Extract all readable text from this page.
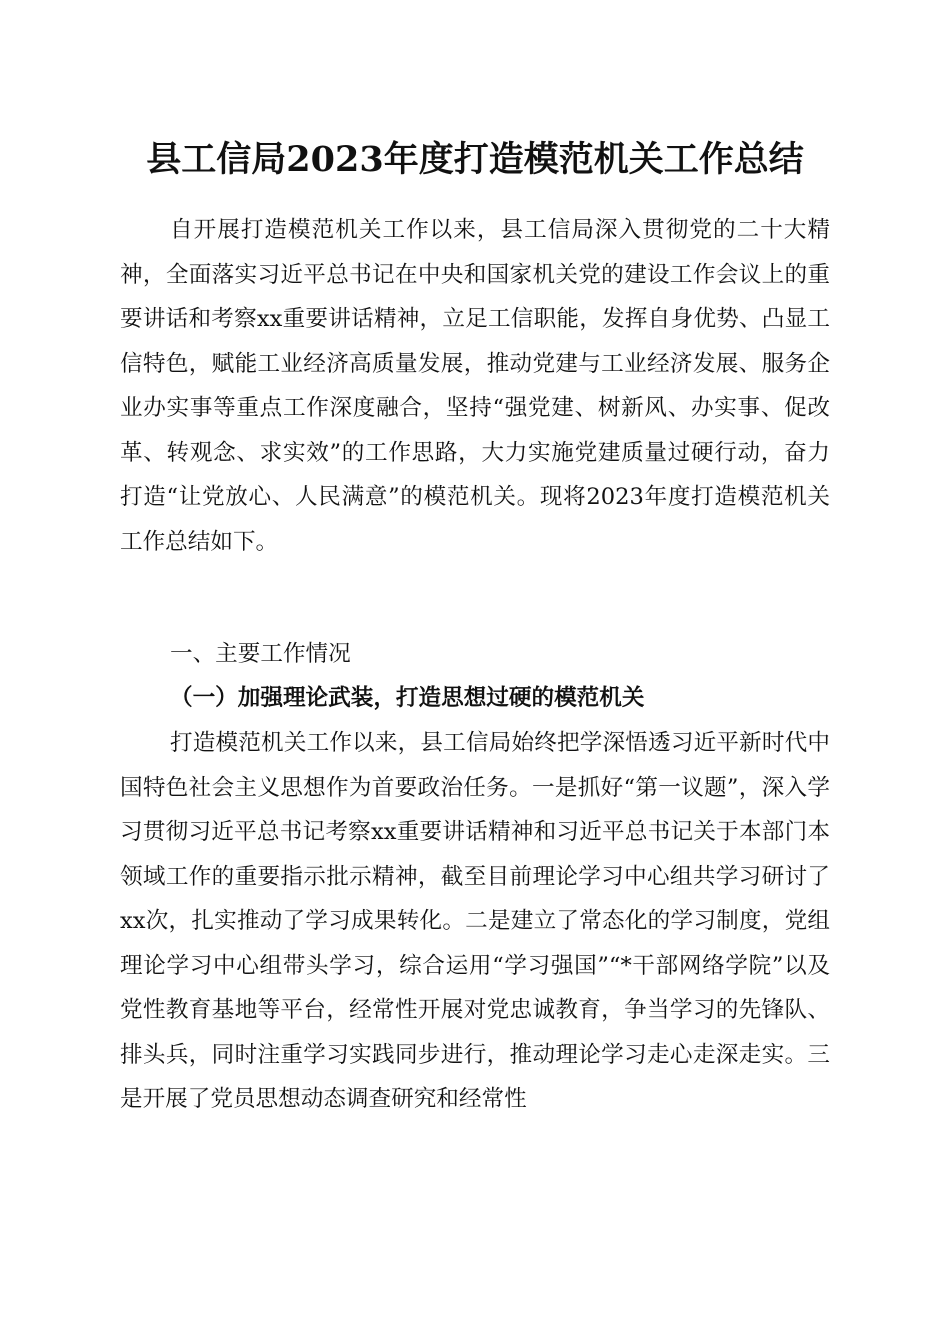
县工信局2023年度打造模范机关工作总结

自开展打造模范机关工作以来，县工信局深入贯彻党的二十大精神，全面落实习近平总书记在中央和国家机关党的建设工作会议上的重要讲话和考察xx重要讲话精神，立足工信职能，发挥自身优势、凸显工信特色，赋能工业经济高质量发展，推动党建与工业经济发展、服务企业办实事等重点工作深度融合，坚持“强党建、树新风、办实事、促改革、转观念、求实效”的工作思路，大力实施党建质量过硬行动，奋力打造“让党放心、人民满意”的模范机关。现将2023年度打造模范机关工作总结如下。

一、主要工作情况

（一）加强理论武装，打造思想过硬的模范机关

打造模范机关工作以来，县工信局始终把学深悟透习近平新时代中国特色社会主义思想作为首要政治任务。一是抓好“第一议题”，深入学习贯彻习近平总书记考察xx重要讲话精神和习近平总书记关于本部门本领域工作的重要指示批示精神，截至目前理论学习中心组共学习研讨了xx次，扎实推动了学习成果转化。二是建立了常态化的学习制度，党组理论学习中心组带头学习，综合运用“学习强国”“*干部网络学院”以及党性教育基地等平台，经常性开展对党忠诚教育，争当学习的先锋队、排头兵，同时注重学习实践同步进行，推动理论学习走心走深走实。三是开展了党员思想动态调查研究和经常性
